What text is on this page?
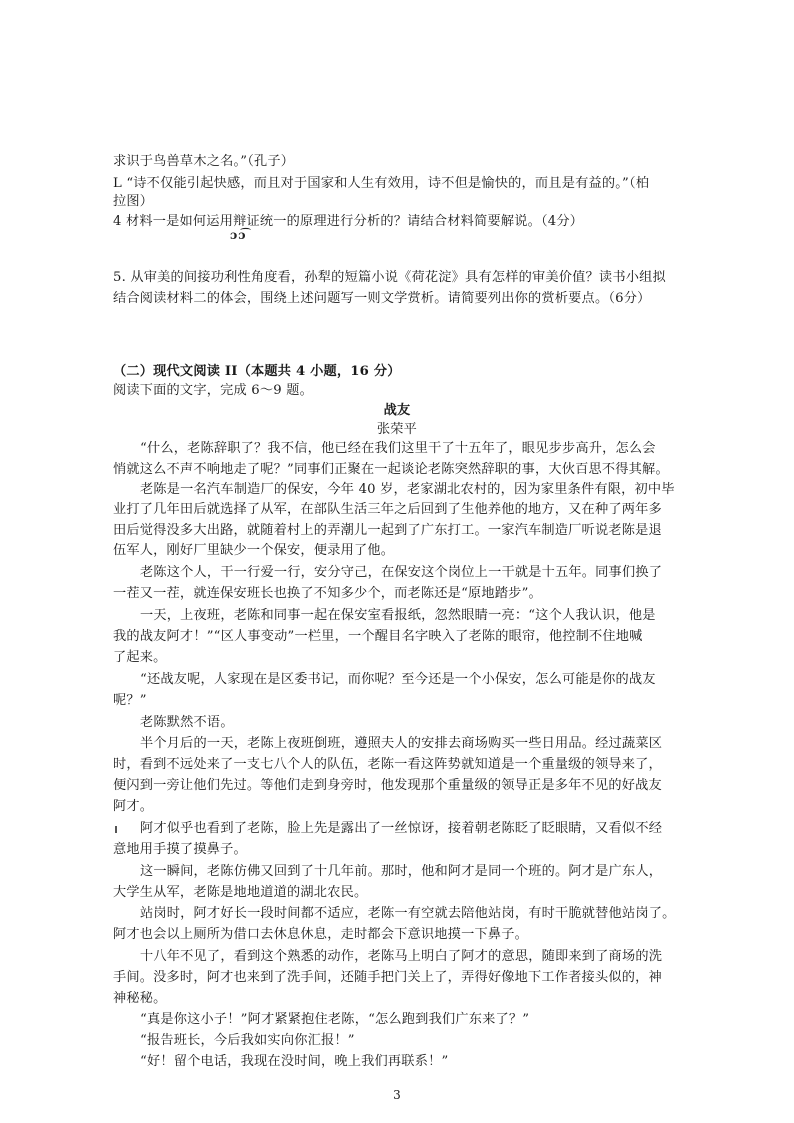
求识于鸟兽草木之名。”（孔子）
L “诗不仅能引起快感，而且对于国家和人生有效用，诗不但是愉快的，而且是有益的。”（柏
拉图）
4 材料一是如何运用辩证统一的原理进行分析的？请结合材料简要解说。（4分）
ɔɔ͡
5. 从审美的间接功利性角度看，孙犁的短篇小说《荷花淀》具有怎样的审美价值？读书小组拟
结合阅读材料二的体会，围绕上述问题写一则文学赏析。请简要列出你的赏析要点。（6分）
（二）现代文阅读 II（本题共 4 小题，16 分）
阅读下面的文字，完成 6～9 题。
战友
张荣平
“什么，老陈辞职了？我不信，他已经在我们这里干了十五年了，眼见步步高升，怎么会
悄就这么不声不响地走了呢？”同事们正聚在一起谈论老陈突然辞职的事，大伙百思不得其解。
老陈是一名汽车制造厂的保安，今年 40 岁，老家湖北农村的，因为家里条件有限，初中毕
业打了几年田后就选择了从军，在部队生活三年之后回到了生他养他的地方，又在种了两年多
田后觉得没多大出路，就随着村上的弄潮儿一起到了广东打工。一家汽车制造厂听说老陈是退
伍军人，刚好厂里缺少一个保安，便录用了他。
老陈这个人，干一行爱一行，安分守己，在保安这个岗位上一干就是十五年。同事们换了
一茬又一茬，就连保安班长也换了不知多少个，而老陈还是“原地踏步”。
一天，上夜班，老陈和同事一起在保安室看报纸，忽然眼睛一亮：“这个人我认识，他是
我的战友阿才！”“区人事变动”一栏里，一个醒目名字映入了老陈的眼帘，他控制不住地喊
了起来。
“还战友呢，人家现在是区委书记，而你呢？至今还是一个小保安，怎么可能是你的战友
呢？”
老陈默然不语。
半个月后的一天，老陈上夜班倒班，遵照夫人的安排去商场购买一些日用品。经过蔬菜区
时，看到不远处来了一支七八个人的队伍，老陈一看这阵势就知道是一个重量级的领导来了，
便闪到一旁让他们先过。等他们走到身旁时，他发现那个重量级的领导正是多年不见的好战友
阿才。
阿才似乎也看到了老陈，脸上先是露出了一丝惊讶，接着朝老陈眨了眨眼睛，又看似不经
意地用手摸了摸鼻子。
这一瞬间，老陈仿佛又回到了十几年前。那时，他和阿才是同一个班的。阿才是广东人，
大学生从军，老陈是地地道道的湖北农民。
站岗时，阿才好长一段时间都不适应，老陈一有空就去陪他站岗，有时干脆就替他站岗了。
阿才也会以上厕所为借口去休息休息，走时都会下意识地摸一下鼻子。
十八年不见了，看到这个熟悉的动作，老陈马上明白了阿才的意思，随即来到了商场的洗
手间。没多时，阿才也来到了洗手间，还随手把门关上了，弄得好像地下工作者接头似的，神
神秘秘。
“真是你这小子！”阿才紧紧抱住老陈，“怎么跑到我们广东来了？”
“报告班长，今后我如实向你汇报！”
“好！留个电话，我现在没时间，晚上我们再联系！”
3
